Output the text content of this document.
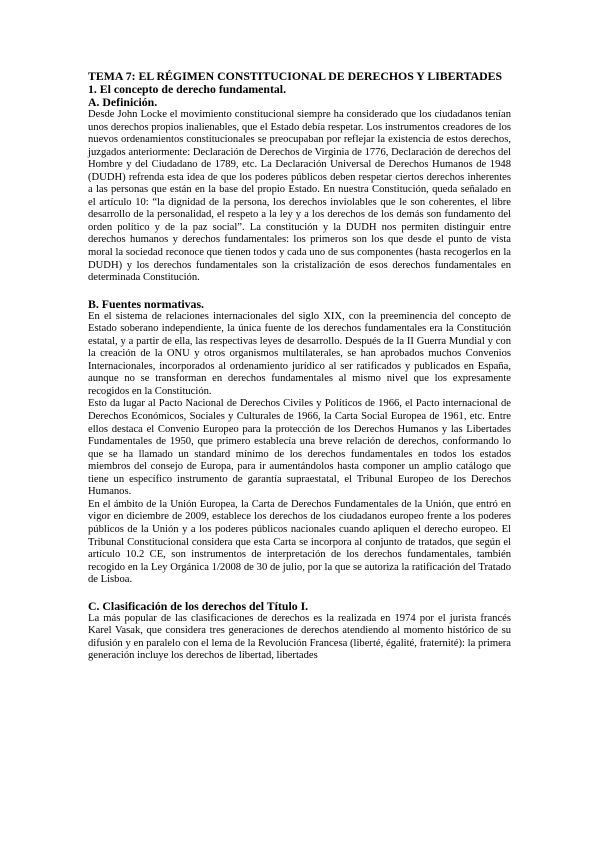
TEMA 7: EL RÉGIMEN CONSTITUCIONAL DE DERECHOS Y LIBERTADES
1. El concepto de derecho fundamental.
A. Definición.

Desde John Locke el movimiento constitucional siempre ha considerado que los ciudadanos tenían unos derechos propios inalienables, que el Estado debía respetar. Los instrumentos creadores de los nuevos ordenamientos constitucionales se preocupaban por reflejar la existencia de estos derechos, juzgados anteriormente: Declaración de Derechos de Virginia de 1776, Declaración de derechos del Hombre y del Ciudadano de 1789, etc. La Declaración Universal de Derechos Humanos de 1948 (DUDH) refrenda esta idea de que los poderes públicos deben respetar ciertos derechos inherentes a las personas que están en la base del propio Estado. En nuestra Constitución, queda señalado en el artículo 10: “la dignidad de la persona, los derechos inviolables que le son coherentes, el libre desarrollo de la personalidad, el respeto a la ley y a los derechos de los demás son fundamento del orden político y de la paz social”. La constitución y la DUDH nos permiten distinguir entre derechos humanos y derechos fundamentales: los primeros son los que desde el punto de vista moral la sociedad reconoce que tienen todos y cada uno de sus componentes (hasta recogerlos en la DUDH) y los derechos fundamentales son la cristalización de esos derechos fundamentales en determinada Constitución.

B. Fuentes normativas.

En el sistema de relaciones internacionales del siglo XIX, con la preeminencia del concepto de Estado soberano independiente, la única fuente de los derechos fundamentales era la Constitución estatal, y a partir de ella, las respectivas leyes de desarrollo. Después de la II Guerra Mundial y con la creación de la ONU y otros organismos multilaterales, se han aprobados muchos Convenios Internacionales, incorporados al ordenamiento jurídico al ser ratificados y publicados en España, aunque no se transforman en derechos fundamentales al mismo nivel que los expresamente recogidos en la Constitución.

Esto da lugar al Pacto Nacional de Derechos Civiles y Políticos de 1966, el Pacto internacional de Derechos Económicos, Sociales y Culturales de 1966, la Carta Social Europea de 1961, etc. Entre ellos destaca el Convenio Europeo para la protección de los Derechos Humanos y las Libertades Fundamentales de 1950, que primero establecía una breve relación de derechos, conformando lo que se ha llamado un standard mínimo de los derechos fundamentales en todos los estados miembros del consejo de Europa, para ir aumentándolos hasta componer un amplio catálogo que tiene un específico instrumento de garantía supraestatal, el Tribunal Europeo de los Derechos Humanos.

En el ámbito de la Unión Europea, la Carta de Derechos Fundamentales de la Unión, que entró en vigor en diciembre de 2009, establece los derechos de los ciudadanos europeo frente a los poderes públicos de la Unión y a los poderes públicos nacionales cuando apliquen el derecho europeo. El Tribunal Constitucional considera que esta Carta se incorpora al conjunto de tratados, que según el artículo 10.2 CE, son instrumentos de interpretación de los derechos fundamentales, también recogido en la Ley Orgánica 1/2008 de 30 de julio, por la que se autoriza la ratificación del Tratado de Lisboa.

C. Clasificación de los derechos del Título I.

La más popular de las clasificaciones de derechos es la realizada en 1974 por el jurista francés Karel Vasak, que considera tres generaciones de derechos atendiendo al momento histórico de su difusión y en paralelo con el lema de la Revolución Francesa (liberté, égalité, fraternité): la primera generación incluye los derechos de libertad, libertades
